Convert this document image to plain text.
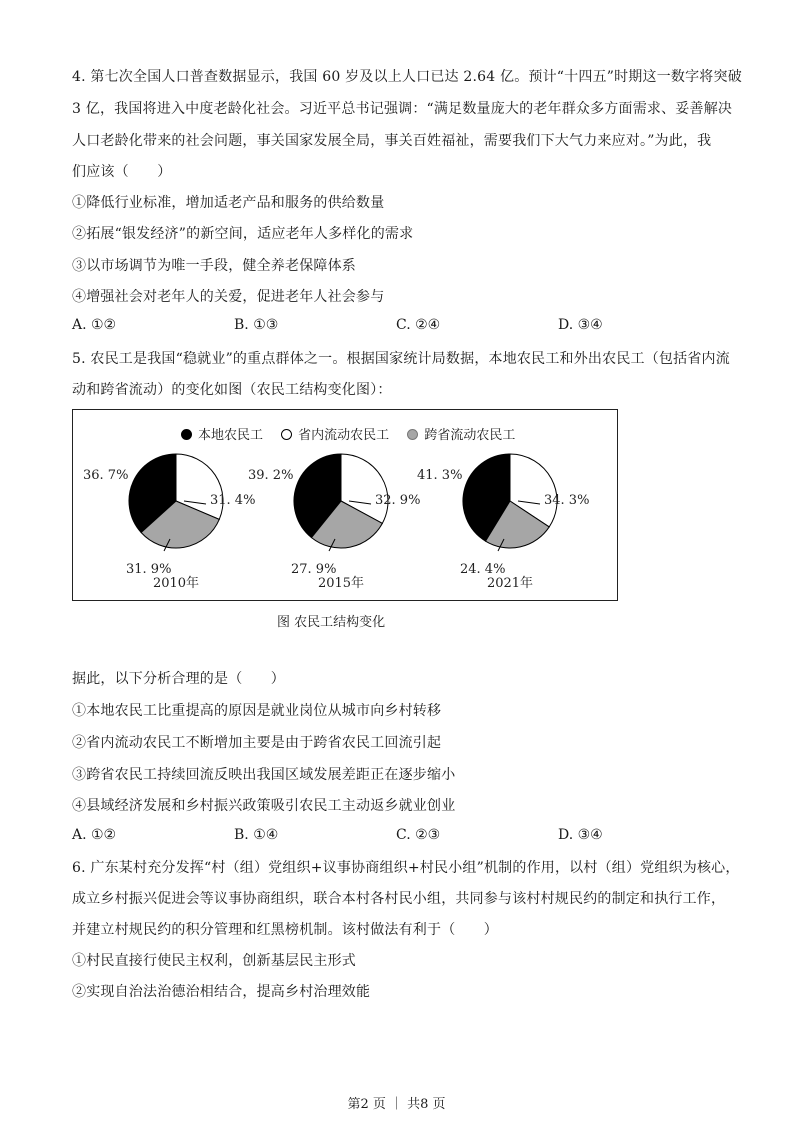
4. 第七次全国人口普查数据显示，我国 60 岁及以上人口已达 2.64 亿。预计“十四五”时期这一数字将突破
3 亿，我国将进入中度老龄化社会。习近平总书记强调：“满足数量庞大的老年群众多方面需求、妥善解决
人口老龄化带来的社会问题，事关国家发展全局，事关百姓福祉，需要我们下大气力来应对。”为此，我
们应该（　　）
①降低行业标准，增加适老产品和服务的供给数量
②拓展“银发经济”的新空间，适应老年人多样化的需求
③以市场调节为唯一手段，健全养老保障体系
④增强社会对老年人的关爱，促进老年人社会参与
A. ①②	B. ①③	C. ②④	D. ③④
5. 农民工是我国“稳就业”的重点群体之一。根据国家统计局数据，本地农民工和外出农民工（包括省内流
动和跨省流动）的变化如图（农民工结构变化图）：
本地农民工	省内流动农民工	跨省流动农民工
36. 7%
31. 4%
31. 9%
2010年
39. 2%
32. 9%
27. 9%
2015年
41. 3%
34. 3%
24. 4%
2021年
图 农民工结构变化
据此，以下分析合理的是（　　）
①本地农民工比重提高的原因是就业岗位从城市向乡村转移
②省内流动农民工不断增加主要是由于跨省农民工回流引起
③跨省农民工持续回流反映出我国区域发展差距正在逐步缩小
④县域经济发展和乡村振兴政策吸引农民工主动返乡就业创业
A. ①②	B. ①④	C. ②③	D. ③④
6. 广东某村充分发挥“村（组）党组织+议事协商组织+村民小组”机制的作用，以村（组）党组织为核心，
成立乡村振兴促进会等议事协商组织，联合本村各村民小组，共同参与该村村规民约的制定和执行工作，
并建立村规民约的积分管理和红黑榜机制。该村做法有利于（　　）
①村民直接行使民主权利，创新基层民主形式
②实现自治法治德治相结合，提高乡村治理效能
第2 页 ｜ 共8 页
